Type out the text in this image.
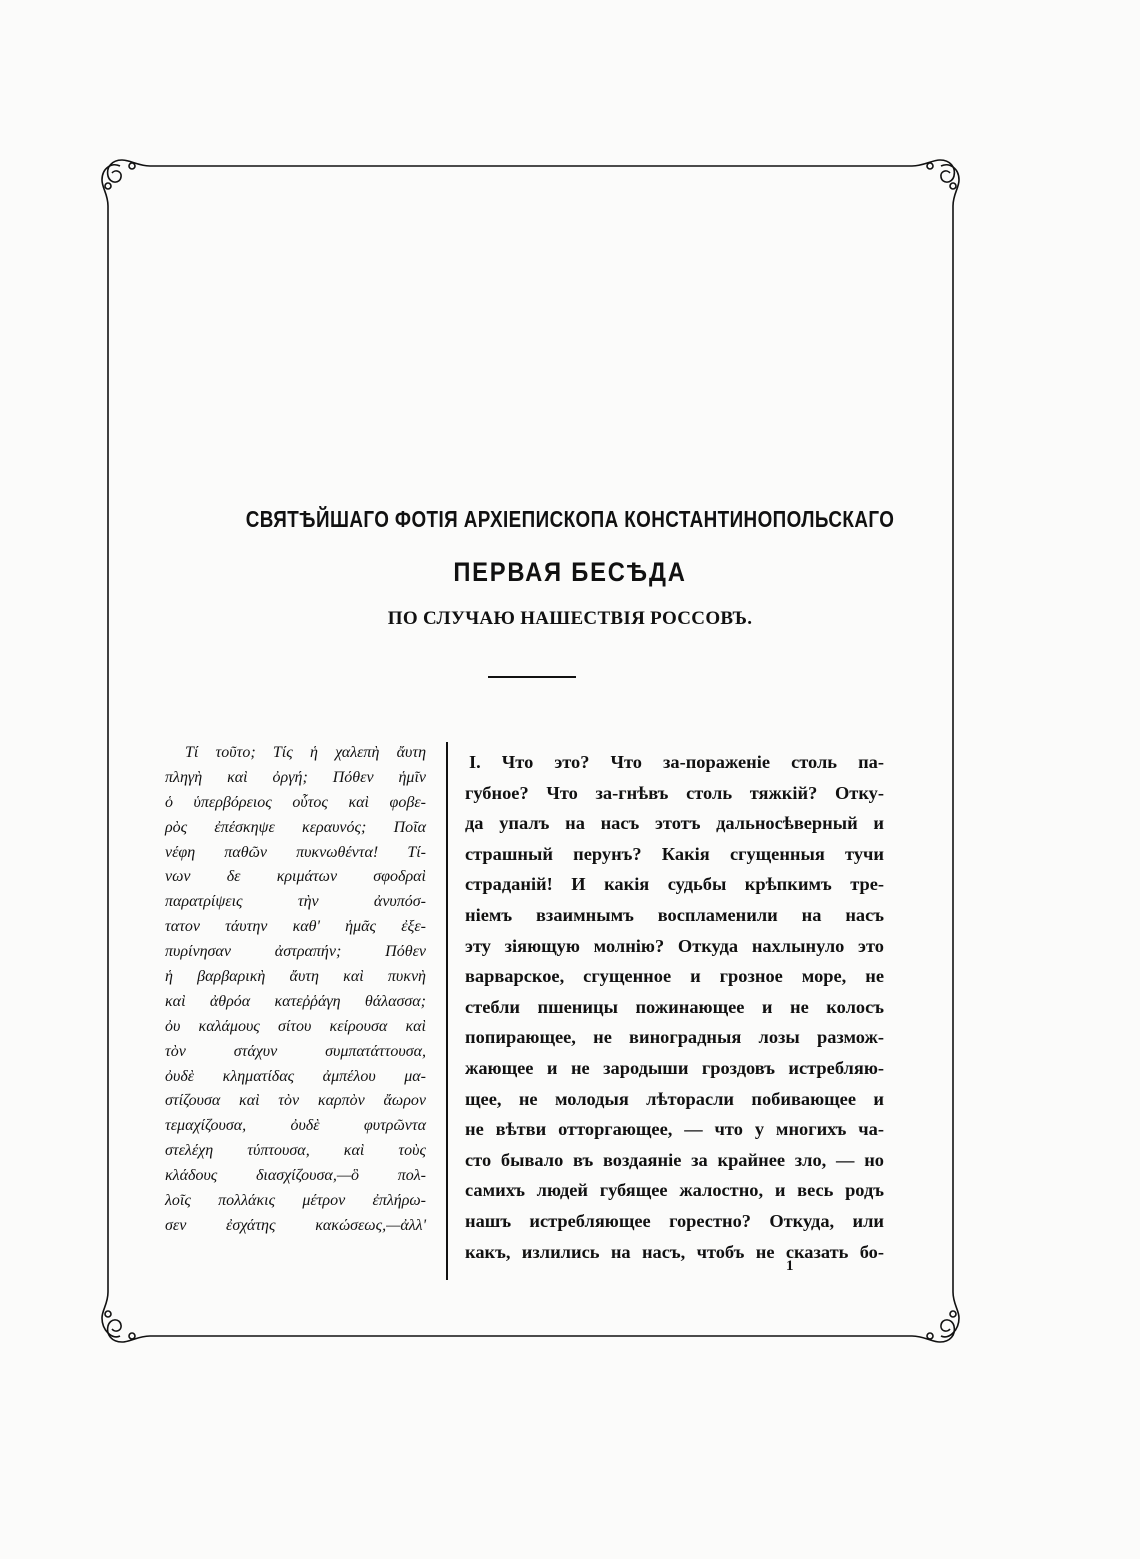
СВЯТѢЙШАГО ФОТІЯ АРХІЕПИСКОПА КОНСТАНТИНОПОЛЬСКАГО
ПЕРВАЯ БЕСѢДА
ПО СЛУЧАЮ НАШЕСТВІЯ РОССОВЪ.
Τί τοῦτο; Τίς ἡ χαλεπὴ ἄυτη
πληγὴ καὶ ὀργή; Πόθεν ἡμῖν
ὁ ὑπερβόρειος οὗτος καὶ φοβε-
ρὸς ἐπέσκηψε κεραυνός; Ποῖα
νέφη παθῶν πυκνωθέντα! Τί-
νων δε κριμάτων σφοδραὶ
παρατρίψεις τὴν ἀνυπόσ-
τατον τάυτην καθ' ἡμᾶς ἐξε-
πυρίνησαν ἀστραπήν; Πόθεν
ἡ βαρβαρικὴ ἄυτη καὶ πυκνὴ
καὶ ἀθρόα κατεῤῥάγη θάλασσα;
ὀυ καλάμους σίτου κείρουσα καὶ
τὸν στάχυν συμπατάττουσα,
ὀυδὲ κληματίδας ἀμπέλου μα-
στίζουσα καὶ τὸν καρπὸν ἄωρον
τεμαχίζουσα, ὀυδὲ φυτρῶντα
στελέχη τύπτουσα, καὶ τοὺς
κλάδους διασχίζουσα,—ὃ πολ-
λοῖς πολλάκις μέτρον ἐπλήρω-
σεν ἐσχάτης κακώσεως,—ἀλλ'
I. Что это? Что за-пораженіе столь па-
губное? Что за-гнѣвъ столь тяжкій? Отку-
да упалъ на насъ этотъ дальносѣверный и
страшный перунъ? Какія сгущенныя тучи
страданій! И какія судьбы крѣпкимъ тре-
ніемъ взаимнымъ воспламенили на насъ
эту зіяющую молнію? Откуда нахлынуло это
варварское, сгущенное и грозное море, не
стебли пшеницы пожинающее и не колосъ
попирающее, не виноградныя лозы размож-
жающее и не зародыши гроздовъ истребляю-
щее, не молодыя лѣторасли побивающее и
не вѣтви отторгающее, — что у многихъ ча-
сто бывало въ воздаяніе за крайнее зло, — но
самихъ людей губящее жалостно, и весь родъ
нашъ истребляющее горестно? Откуда, или
какъ, излились на насъ, чтобъ не сказать бо-
1
